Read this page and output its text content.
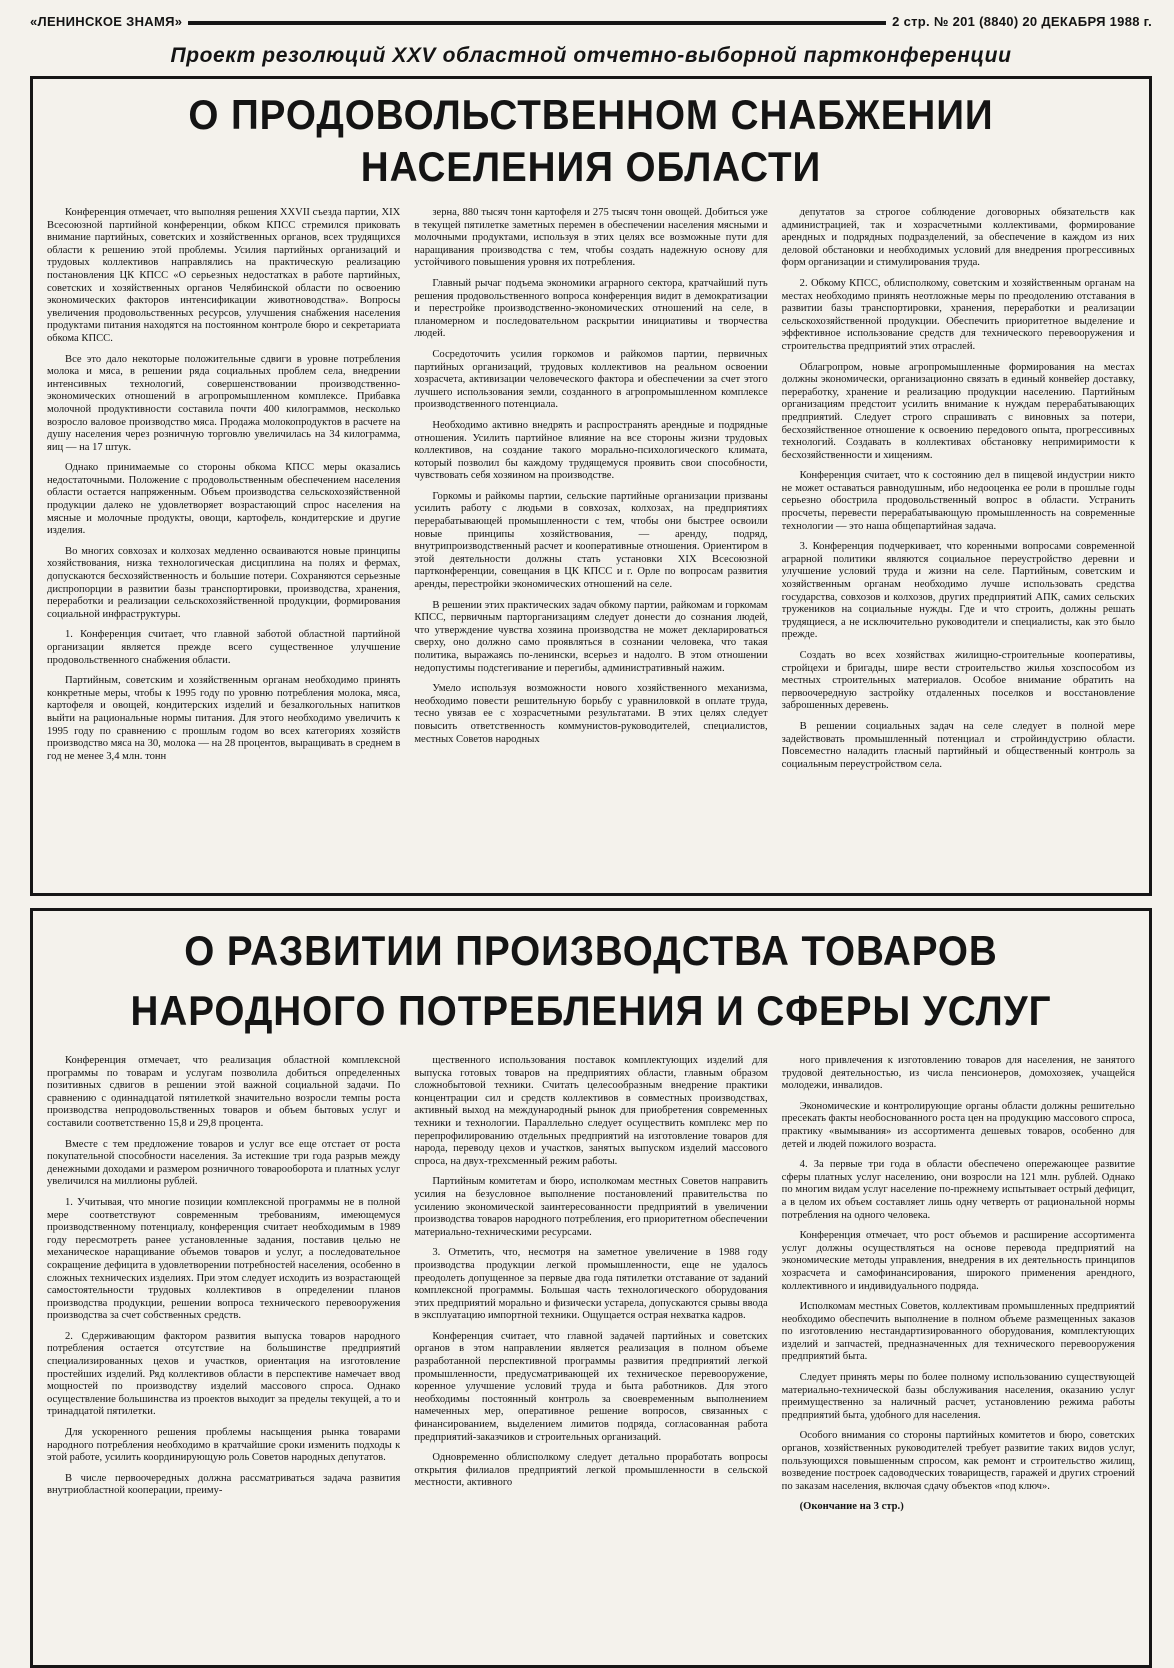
«ЛЕНИНСКОЕ ЗНАМЯ»	2 стр. № 201 (8840) 20 ДЕКАБРЯ 1988 г.
Проект резолюций XXV областной отчетно-выборной партконференции
О ПРОДОВОЛЬСТВЕННОМ СНАБЖЕНИИ НАСЕЛЕНИЯ ОБЛАСТИ

Конференция отмечает, что выполняя решения XXVII съезда партии, XIX Всесоюзной партийной конференции, обком КПСС стремился приковать внимание партийных, советских и хозяйственных органов, всех трудящихся области к решению этой проблемы. Усилия партийных организаций и трудовых коллективов направлялись на практическую реализацию постановления ЦК КПСС «О серьезных недостатках в работе партийных, советских и хозяйственных органов Челябинской области по освоению экономических факторов интенсификации животноводства». Вопросы увеличения продовольственных ресурсов, улучшения снабжения населения продуктами питания находятся на постоянном контроле бюро и секретариата обкома КПСС.

Все это дало некоторые положительные сдвиги в уровне потребления молока и мяса, в решении ряда социальных проблем села, внедрении интенсивных технологий, совершенствовании производственно-экономических отношений в агропромышленном комплексе. Прибавка молочной продуктивности составила почти 400 килограммов, несколько возросло валовое производство мяса. Продажа молокопродуктов в расчете на душу населения через розничную торговлю увеличилась на 34 килограмма, яиц — на 17 штук.

Однако принимаемые со стороны обкома КПСС меры оказались недостаточными. Положение с продовольственным обеспечением населения области остается напряженным. Объем производства сельскохозяйственной продукции далеко не удовлетворяет возрастающий спрос населения на мясные и молочные продукты, овощи, картофель, кондитерские и другие изделия.

Во многих совхозах и колхозах медленно осваиваются новые принципы хозяйствования, низка технологическая дисциплина на полях и фермах, допускаются бесхозяйственность и большие потери. Сохраняются серьезные диспропорции в развитии базы транспортировки, производства, хранения, переработки и реализации сельскохозяйственной продукции, формирования социальной инфраструктуры.

1. Конференция считает, что главной заботой областной партийной организации является прежде всего существенное улучшение продовольственного снабжения области.

Партийным, советским и хозяйственным органам необходимо принять конкретные меры, чтобы к 1995 году по уровню потребления молока, мяса, картофеля и овощей, кондитерских изделий и безалкогольных напитков выйти на рациональные нормы питания. Для этого необходимо увеличить к 1995 году по сравнению с прошлым годом во всех категориях хозяйств производство мяса на 30, молока — на 28 процентов, выращивать в среднем в год не менее 3,4 млн. тонн

зерна, 880 тысяч тонн картофеля и 275 тысяч тонн овощей. Добиться уже в текущей пятилетке заметных перемен в обеспечении населения мясными и молочными продуктами, используя в этих целях все возможные пути для наращивания производства с тем, чтобы создать надежную основу для устойчивого повышения уровня их потребления.

Главный рычаг подъема экономики аграрного сектора, кратчайший путь решения продовольственного вопроса конференция видит в демократизации и перестройке производственно-экономических отношений на селе, в планомерном и последовательном раскрытии инициативы и творчества людей.

Сосредоточить усилия горкомов и райкомов партии, первичных партийных организаций, трудовых коллективов на реальном освоении хозрасчета, активизации человеческого фактора и обеспечении за счет этого лучшего использования земли, созданного в агропромышленном комплексе производственного потенциала.

Необходимо активно внедрять и распространять арендные и подрядные отношения. Усилить партийное влияние на все стороны жизни трудовых коллективов, на создание такого морально-психологического климата, который позволил бы каждому трудящемуся проявить свои способности, чувствовать себя хозяином на производстве.

Горкомы и райкомы партии, сельские партийные организации призваны усилить работу с людьми в совхозах, колхозах, на предприятиях перерабатывающей промышленности с тем, чтобы они быстрее освоили новые принципы хозяйствования, — аренду, подряд, внутрипроизводственный расчет и кооперативные отношения. Ориентиром в этой деятельности должны стать установки XIX Всесоюзной партконференции, совещания в ЦК КПСС и г. Орле по вопросам развития аренды, перестройки экономических отношений на селе.

В решении этих практических задач обкому партии, райкомам и горкомам КПСС, первичным парторганизациям следует донести до сознания людей, что утверждение чувства хозяина производства не может декларироваться сверху, оно должно само проявляться в сознании человека, что такая политика, выражаясь по-ленински, всерьез и надолго. В этом отношении недопустимы подстегивание и перегибы, административный нажим.

Умело используя возможности нового хозяйственного механизма, необходимо повести решительную борьбу с уравниловкой в оплате труда, тесно увязав ее с хозрасчетными результатами. В этих целях следует повысить ответственность коммунистов-руководителей, специалистов, местных Советов народных

депутатов за строгое соблюдение договорных обязательств как администрацией, так и хозрасчетными коллективами, формирование арендных и подрядных подразделений, за обеспечение в каждом из них деловой обстановки и необходимых условий для внедрения прогрессивных форм организации и стимулирования труда.

2. Обкому КПСС, облисполкому, советским и хозяйственным органам на местах необходимо принять неотложные меры по преодолению отставания в развитии базы транспортировки, хранения, переработки и реализации сельскохозяйственной продукции. Обеспечить приоритетное выделение и эффективное использование средств для технического перевооружения и строительства предприятий этих отраслей.

Облагропром, новые агропромышленные формирования на местах должны экономически, организационно связать в единый конвейер доставку, переработку, хранение и реализацию продукции населению. Партийным организациям предстоит усилить внимание к нуждам перерабатывающих предприятий. Следует строго спрашивать с виновных за потери, бесхозяйственное отношение к освоению передового опыта, прогрессивных технологий. Создавать в коллективах обстановку непримиримости к бесхозяйственности и хищениям.

Конференция считает, что к состоянию дел в пищевой индустрии никто не может оставаться равнодушным, ибо недооценка ее роли в прошлые годы серьезно обострила продовольственный вопрос в области. Устранить просчеты, перевести перерабатывающую промышленность на современные технологии — это наша общепартийная задача.

3. Конференция подчеркивает, что коренными вопросами современной аграрной политики являются социальное переустройство деревни и улучшение условий труда и жизни на селе. Партийным, советским и хозяйственным органам необходимо лучше использовать средства государства, совхозов и колхозов, других предприятий АПК, самих сельских тружеников на социальные нужды. Где и что строить, должны решать трудящиеся, а не исключительно руководители и специалисты, как это было прежде.

Создать во всех хозяйствах жилищно-строительные кооперативы, стройцехи и бригады, шире вести строительство жилья хозспособом из местных строительных материалов. Особое внимание обратить на первоочередную застройку отдаленных поселков и восстановление заброшенных деревень.

В решении социальных задач на селе следует в полной мере задействовать промышленный потенциал и стройиндустрию области. Повсеместно наладить гласный партийный и общественный контроль за социальным переустройством села.

О РАЗВИТИИ ПРОИЗВОДСТВА ТОВАРОВ
НАРОДНОГО ПОТРЕБЛЕНИЯ И СФЕРЫ УСЛУГ

Конференция отмечает, что реализация областной комплексной программы по товарам и услугам позволила добиться определенных позитивных сдвигов в решении этой важной социальной задачи. По сравнению с одиннадцатой пятилеткой значительно возросли темпы роста производства непродовольственных товаров и объем бытовых услуг и составили соответственно 15,8 и 29,8 процента.

Вместе с тем предложение товаров и услуг все еще отстает от роста покупательной способности населения. За истекшие три года разрыв между денежными доходами и размером розничного товарооборота и платных услуг увеличился на миллионы рублей.

1. Учитывая, что многие позиции комплексной программы не в полной мере соответствуют современным требованиям, имеющемуся производственному потенциалу, конференция считает необходимым в 1989 году пересмотреть ранее установленные задания, поставив целью не механическое наращивание объемов товаров и услуг, а последовательное сокращение дефицита в удовлетворении потребностей населения, особенно в сложных технических изделиях. При этом следует исходить из возрастающей самостоятельности трудовых коллективов в определении планов производства продукции, решении вопроса технического перевооружения производства за счет собственных средств.

2. Сдерживающим фактором развития выпуска товаров народного потребления остается отсутствие на большинстве предприятий специализированных цехов и участков, ориентация на изготовление простейших изделий. Ряд коллективов области в перспективе намечает ввод мощностей по производству изделий массового спроса. Однако осуществление большинства из проектов выходит за пределы текущей, а то и тринадцатой пятилетки.

Для ускоренного решения проблемы насыщения рынка товарами народного потребления необходимо в кратчайшие сроки изменить подходы к этой работе, усилить координирующую роль Советов народных депутатов.

В числе первоочередных должна рассматриваться задача развития внутриобластной кооперации, преиму-

щественного использования поставок комплектующих изделий для выпуска готовых товаров на предприятиях области, главным образом сложнобытовой техники. Считать целесообразным внедрение практики концентрации сил и средств коллективов в совместных производствах, активный выход на международный рынок для приобретения современных техники и технологии. Параллельно следует осуществить комплекс мер по перепрофилированию отдельных предприятий на изготовление товаров для народа, переводу цехов и участков, занятых выпуском изделий массового спроса, на двух-трехсменный режим работы.

Партийным комитетам и бюро, исполкомам местных Советов направить усилия на безусловное выполнение постановлений правительства по усилению экономической заинтересованности предприятий в увеличении производства товаров народного потребления, его приоритетном обеспечении материально-техническими ресурсами.

3. Отметить, что, несмотря на заметное увеличение в 1988 году производства продукции легкой промышленности, еще не удалось преодолеть допущенное за первые два года пятилетки отставание от заданий комплексной программы. Большая часть технологического оборудования этих предприятий морально и физически устарела, допускаются срывы ввода в эксплуатацию импортной техники. Ощущается острая нехватка кадров.

Конференция считает, что главной задачей партийных и советских органов в этом направлении является реализация в полном объеме разработанной перспективной программы развития предприятий легкой промышленности, предусматривающей их техническое перевооружение, коренное улучшение условий труда и быта работников. Для этого необходимы постоянный контроль за своевременным выполнением намеченных мер, оперативное решение вопросов, связанных с финансированием, выделением лимитов подряда, согласованная работа предприятий-заказчиков и строительных организаций.

Одновременно облисполкому следует детально проработать вопросы открытия филиалов предприятий легкой промышленности в сельской местности, активного

ного привлечения к изготовлению товаров для населения, не занятого трудовой деятельностью, из числа пенсионеров, домохозяек, учащейся молодежи, инвалидов.

Экономические и контролирующие органы области должны решительно пресекать факты необоснованного роста цен на продукцию массового спроса, практику «вымывания» из ассортимента дешевых товаров, особенно для детей и людей пожилого возраста.

4. За первые три года в области обеспечено опережающее развитие сферы платных услуг населению, они возросли на 121 млн. рублей. Однако по многим видам услуг население по-прежнему испытывает острый дефицит, а в целом их объем составляет лишь одну четверть от рациональной нормы потребления на одного человека.

Конференция отмечает, что рост объемов и расширение ассортимента услуг должны осуществляться на основе перевода предприятий на экономические методы управления, внедрения в их деятельность принципов хозрасчета и самофинансирования, широкого применения арендного, коллективного и индивидуального подряда.

Исполкомам местных Советов, коллективам промышленных предприятий необходимо обеспечить выполнение в полном объеме размещенных заказов по изготовлению нестандартизированного оборудования, комплектующих изделий и запчастей, предназначенных для технического перевооружения предприятий быта.

Следует принять меры по более полному использованию существующей материально-технической базы обслуживания населения, оказанию услуг преимущественно за наличный расчет, установлению режима работы предприятий быта, удобного для населения.

Особого внимания со стороны партийных комитетов и бюро, советских органов, хозяйственных руководителей требует развитие таких видов услуг, пользующихся повышенным спросом, как ремонт и строительство жилищ, возведение построек садоводческих товариществ, гаражей и других строений по заказам населения, включая сдачу объектов «под ключ».

(Окончание на 3 стр.)
